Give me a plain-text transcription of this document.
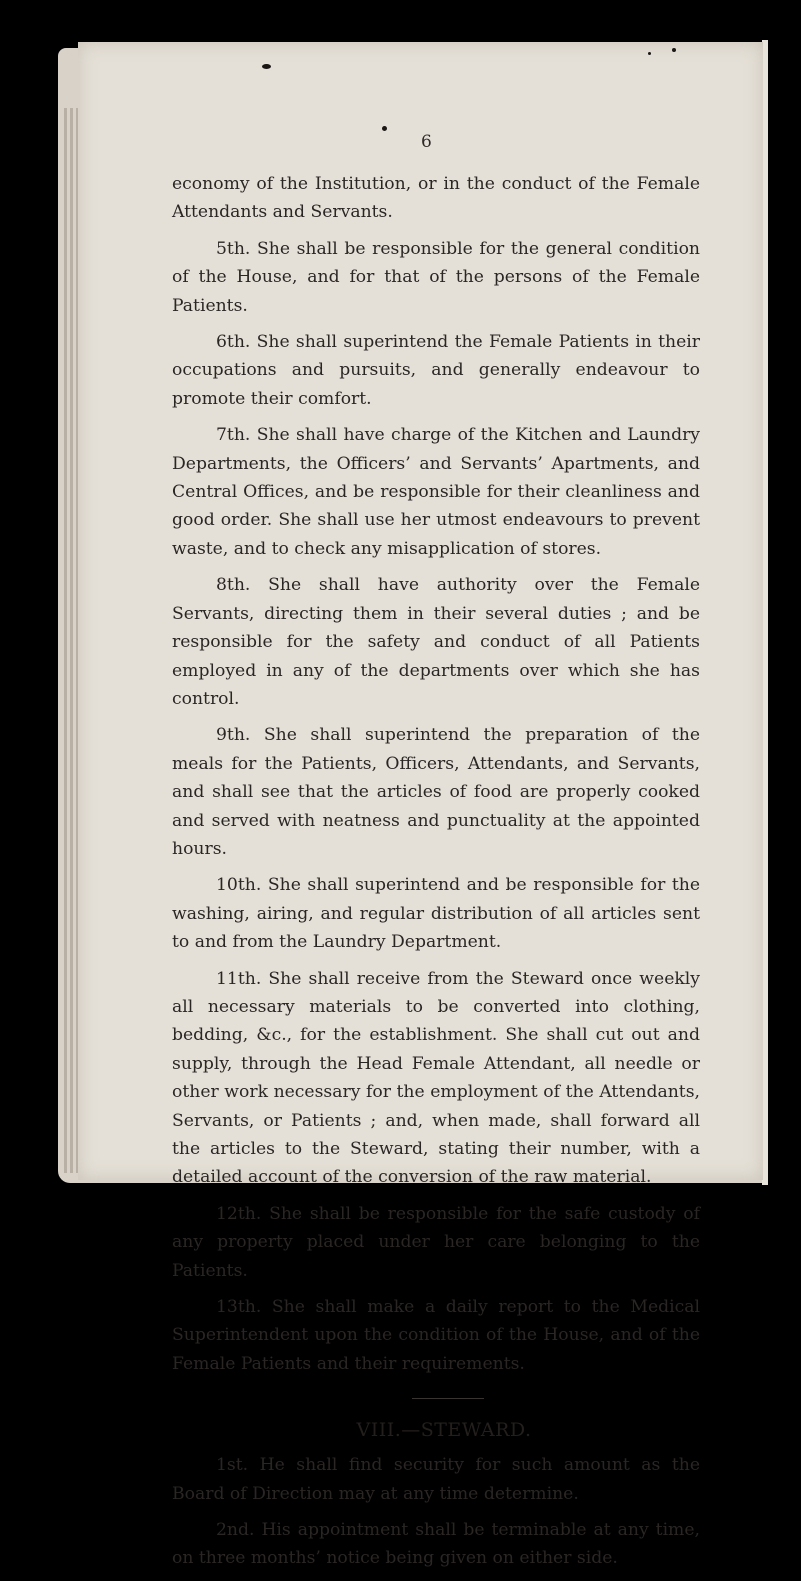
6

economy of the Institution, or in the conduct of the Female Attendants and Servants.

5th. She shall be responsible for the general condition of the House, and for that of the persons of the Female Patients.

6th. She shall superintend the Female Patients in their occupations and pursuits, and generally endeavour to promote their comfort.

7th. She shall have charge of the Kitchen and Laundry Departments, the Officers’ and Servants’ Apartments, and Central Offices, and be responsible for their cleanliness and good order. She shall use her utmost endeavours to prevent waste, and to check any misapplication of stores.

8th. She shall have authority over the Female Servants, directing them in their several duties ; and be responsible for the safety and conduct of all Patients employed in any of the departments over which she has control.

9th. She shall superintend the preparation of the meals for the Patients, Officers, Attendants, and Servants, and shall see that the articles of food are properly cooked and served with neatness and punctuality at the appointed hours.

10th. She shall superintend and be responsible for the washing, airing, and regular distribution of all articles sent to and from the Laundry Department.

11th. She shall receive from the Steward once weekly all necessary materials to be converted into clothing, bedding, &c., for the establishment. She shall cut out and supply, through the Head Female Attendant, all needle or other work necessary for the employment of the Attendants, Servants, or Patients ; and, when made, shall forward all the articles to the Steward, stating their number, with a detailed account of the conversion of the raw material.

12th. She shall be responsible for the safe custody of any property placed under her care belonging to the Patients.

13th. She shall make a daily report to the Medical Superintendent upon the condition of the House, and of the Female Patients and their requirements.

VIII.—STEWARD.

1st. He shall find security for such amount as the Board of Direction may at any time determine.

2nd. His appointment shall be terminable at any time, on three months’ notice being given on either side.
